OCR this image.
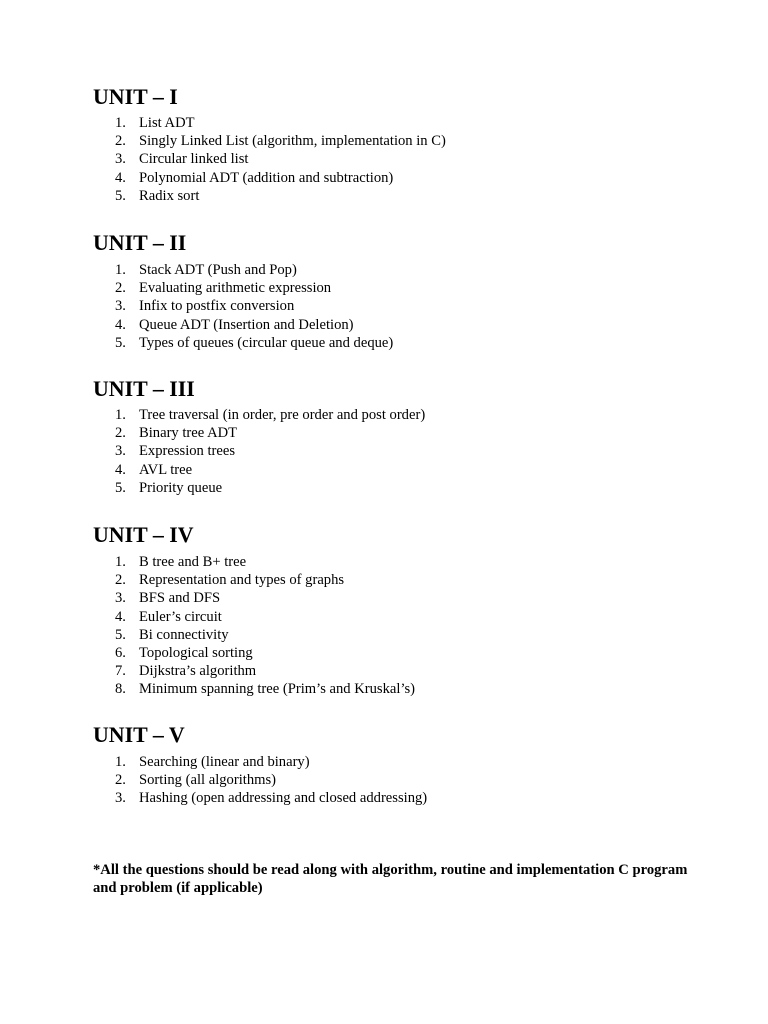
UNIT – I
1. List ADT
2. Singly Linked List (algorithm, implementation in C)
3. Circular linked list
4. Polynomial ADT (addition and subtraction)
5. Radix sort
UNIT – II
1. Stack ADT (Push and Pop)
2. Evaluating arithmetic expression
3. Infix to postfix conversion
4. Queue ADT (Insertion and Deletion)
5. Types of queues (circular queue and deque)
UNIT – III
1. Tree traversal (in order, pre order and post order)
2. Binary tree ADT
3. Expression trees
4. AVL tree
5. Priority queue
UNIT – IV
1. B tree and B+ tree
2. Representation and types of graphs
3. BFS and DFS
4. Euler’s circuit
5. Bi connectivity
6. Topological sorting
7. Dijkstra’s algorithm
8. Minimum spanning tree (Prim’s and Kruskal’s)
UNIT – V
1. Searching (linear and binary)
2. Sorting (all algorithms)
3. Hashing (open addressing and closed addressing)

*All the questions should be read along with algorithm, routine and implementation C program and problem (if applicable)
